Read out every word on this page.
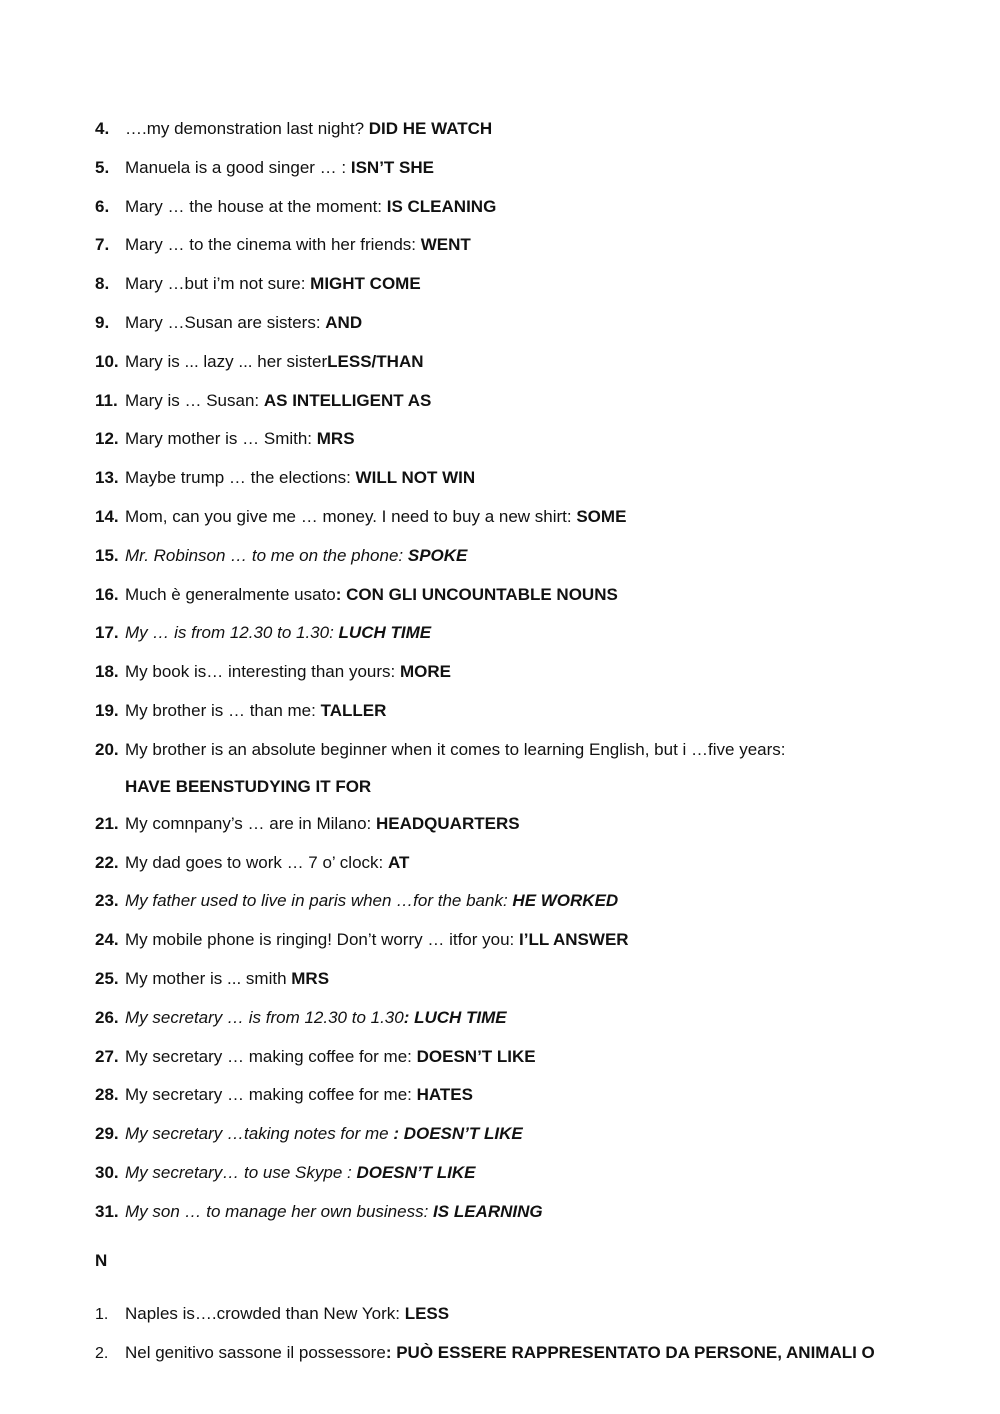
4. ….my demonstration last night? DID HE WATCH
5. Manuela is a good singer … : ISN’T SHE
6. Mary … the house at the moment: IS CLEANING
7. Mary … to the cinema with her friends: WENT
8. Mary …but i’m not sure: MIGHT COME
9. Mary …Susan are sisters: AND
10. Mary is ... lazy ... her sisterLESS/THAN
11. Mary is … Susan: AS INTELLIGENT AS
12. Mary mother is … Smith: MRS
13. Maybe trump … the elections: WILL NOT WIN
14. Mom, can you give me … money. I need to buy a new shirt: SOME
15. Mr. Robinson … to me on the phone: SPOKE
16. Much è generalmente usato: CON GLI UNCOUNTABLE NOUNS
17. My … is from 12.30 to 1.30: LUCH TIME
18. My book is… interesting than yours: MORE
19. My brother is … than me: TALLER
20. My brother is an absolute beginner when it comes to learning English, but i …five years:
HAVE BEENSTUDYING IT FOR
21. My comnpany’s … are in Milano: HEADQUARTERS
22. My dad goes to work … 7 o’ clock: AT
23. My father used to live in paris when …for the bank: HE WORKED
24. My mobile phone is ringing! Don’t worry … itfor you: I’LL ANSWER
25. My mother is ... smith MRS
26. My secretary … is from 12.30 to 1.30: LUCH TIME
27. My secretary … making coffee for me: DOESN’T LIKE
28. My secretary … making coffee for me: HATES
29. My secretary …taking notes for me : DOESN’T LIKE
30. My secretary… to use Skype : DOESN’T LIKE
31. My son … to manage her own business: IS LEARNING
N
1. Naples is….crowded than New York: LESS
2. Nel genitivo sassone il possessore: PUÒ ESSERE RAPPRESENTATO DA PERSONE, ANIMALI O
